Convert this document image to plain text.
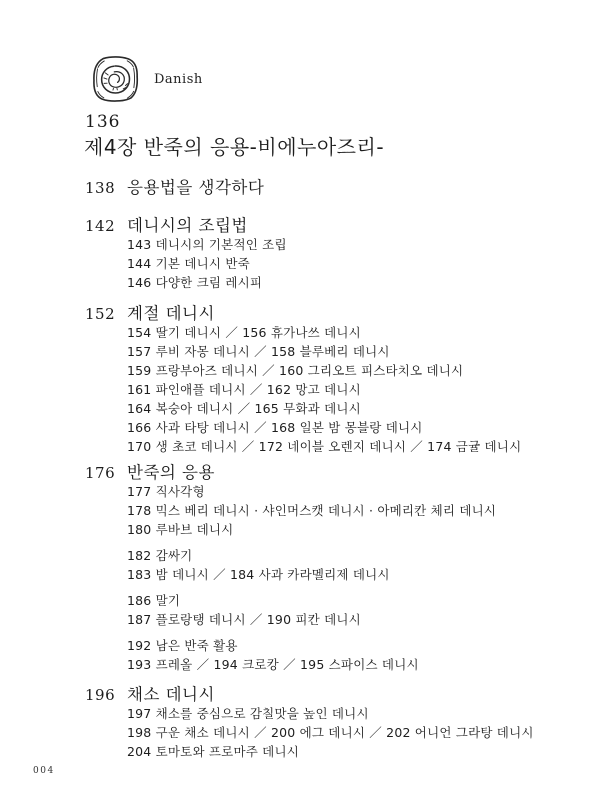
Danish
136
제4장 반죽의 응용-비에누아즈리-
138 응용법을 생각하다
142 데니시의 조립법
143 데니시의 기본적인 조립
144 기본 데니시 반죽
146 다양한 크림 레시피
152 계절 데니시
154 딸기 데니시 ／ 156 휴가나쓰 데니시
157 루비 자몽 데니시 ／ 158 블루베리 데니시
159 프랑부아즈 데니시 ／ 160 그리오트 피스타치오 데니시
161 파인애플 데니시 ／ 162 망고 데니시
164 복숭아 데니시 ／ 165 무화과 데니시
166 사과 타탕 데니시 ／ 168 일본 밤 몽블랑 데니시
170 생 초코 데니시 ／ 172 네이블 오렌지 데니시 ／ 174 금귤 데니시
176 반죽의 응용
177 직사각형
178 믹스 베리 데니시 · 샤인머스캣 데니시 · 아메리칸 체리 데니시
180 루바브 데니시
182 감싸기
183 밤 데니시 ／ 184 사과 카라멜리제 데니시
186 말기
187 플로랑탱 데니시 ／ 190 피칸 데니시
192 남은 반죽 활용
193 프레올 ／ 194 크로캉 ／ 195 스파이스 데니시
196 채소 데니시
197 채소를 중심으로 감칠맛을 높인 데니시
198 구운 채소 데니시 ／ 200 에그 데니시 ／ 202 어니언 그라탕 데니시
204 토마토와 프로마주 데니시
004
